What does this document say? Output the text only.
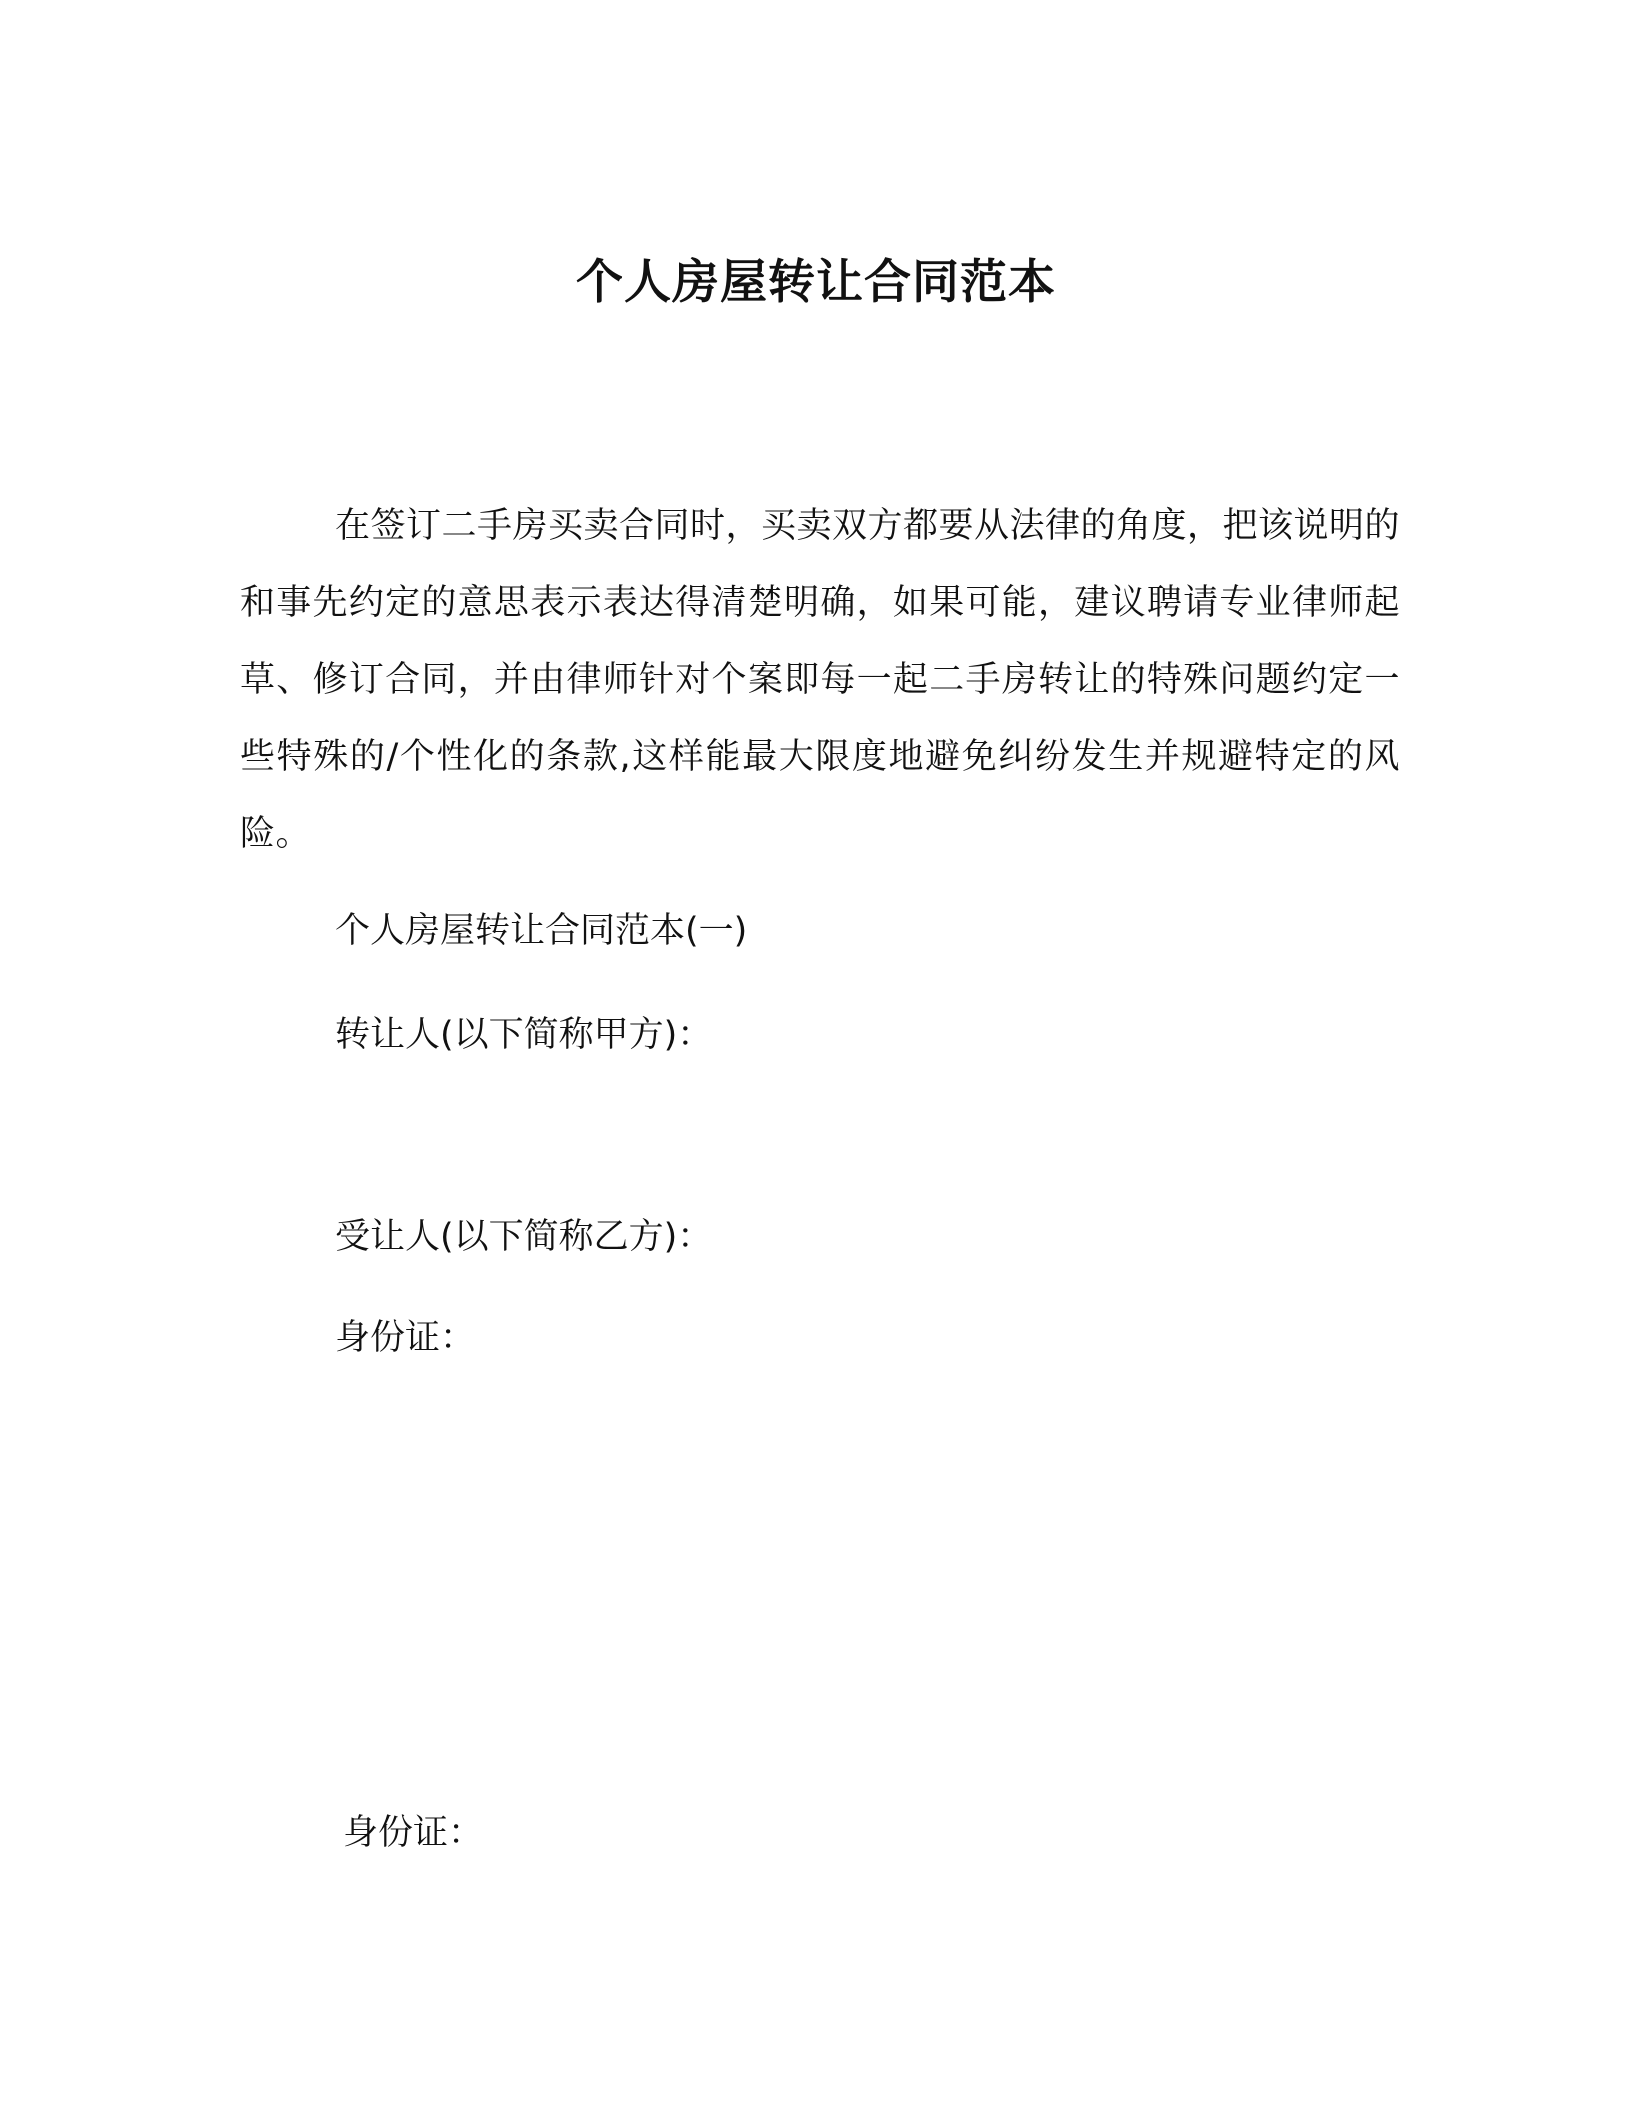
个人房屋转让合同范本

在签订二手房买卖合同时，买卖双方都要从法律的角度，把该说明的和事先约定的意思表示表达得清楚明确，如果可能，建议聘请专业律师起草、修订合同，并由律师针对个案即每一起二手房转让的特殊问题约定一些特殊的/个性化的条款,这样能最大限度地避免纠纷发生并规避特定的风险。

个人房屋转让合同范本(一)

转让人(以下简称甲方)：

受让人(以下简称乙方)：

身份证：

身份证：
